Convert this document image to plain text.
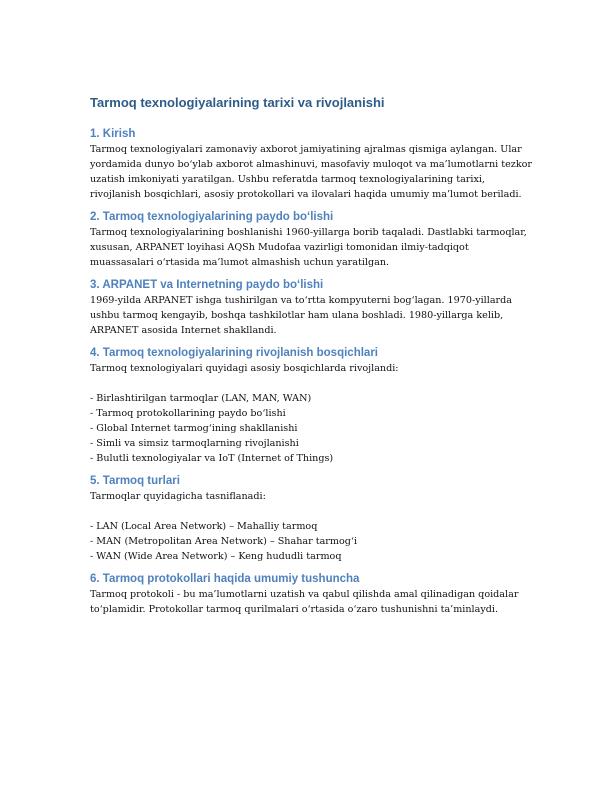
Tarmoq texnologiyalarining tarixi va rivojlanishi
1. Kirish

Tarmoq texnologiyalari zamonaviy axborot jamiyatining ajralmas qismiga aylangan. Ular yordamida dunyo bo‘ylab axborot almashinuvi, masofaviy muloqot va ma’lumotlarni tezkor uzatish imkoniyati yaratilgan. Ushbu referatda tarmoq texnologiyalarining tarixi, rivojlanish bosqichlari, asosiy protokollari va ilovalari haqida umumiy ma’lumot beriladi.

2. Tarmoq texnologiyalarining paydo bo‘lishi

Tarmoq texnologiyalarining boshlanishi 1960-yillarga borib taqaladi. Dastlabki tarmoqlar, xususan, ARPANET loyihasi AQSh Mudofaa vazirligi tomonidan ilmiy-tadqiqot muassasalari o‘rtasida ma’lumot almashish uchun yaratilgan.

3. ARPANET va Internetning paydo bo‘lishi

1969-yilda ARPANET ishga tushirilgan va to‘rtta kompyuterni bog‘lagan. 1970-yillarda ushbu tarmoq kengayib, boshqa tashkilotlar ham ulana boshladi. 1980-yillarga kelib, ARPANET asosida Internet shakllandi.

4. Tarmoq texnologiyalarining rivojlanish bosqichlari

Tarmoq texnologiyalari quyidagi asosiy bosqichlarda rivojlandi:

- Birlashtirilgan tarmoqlar (LAN, MAN, WAN)
- Tarmoq protokollarining paydo bo‘lishi
- Global Internet tarmog‘ining shakllanishi
- Simli va simsiz tarmoqlarning rivojlanishi
- Bulutli texnologiyalar va IoT (Internet of Things)
5. Tarmoq turlari

Tarmoqlar quyidagicha tasniflanadi:

- LAN (Local Area Network) – Mahalliy tarmoq
- MAN (Metropolitan Area Network) – Shahar tarmog‘i
- WAN (Wide Area Network) – Keng hududli tarmoq
6. Tarmoq protokollari haqida umumiy tushuncha

Tarmoq protokoli - bu ma’lumotlarni uzatish va qabul qilishda amal qilinadigan qoidalar to‘plamidir. Protokollar tarmoq qurilmalari o‘rtasida o‘zaro tushunishni ta’minlaydi.
